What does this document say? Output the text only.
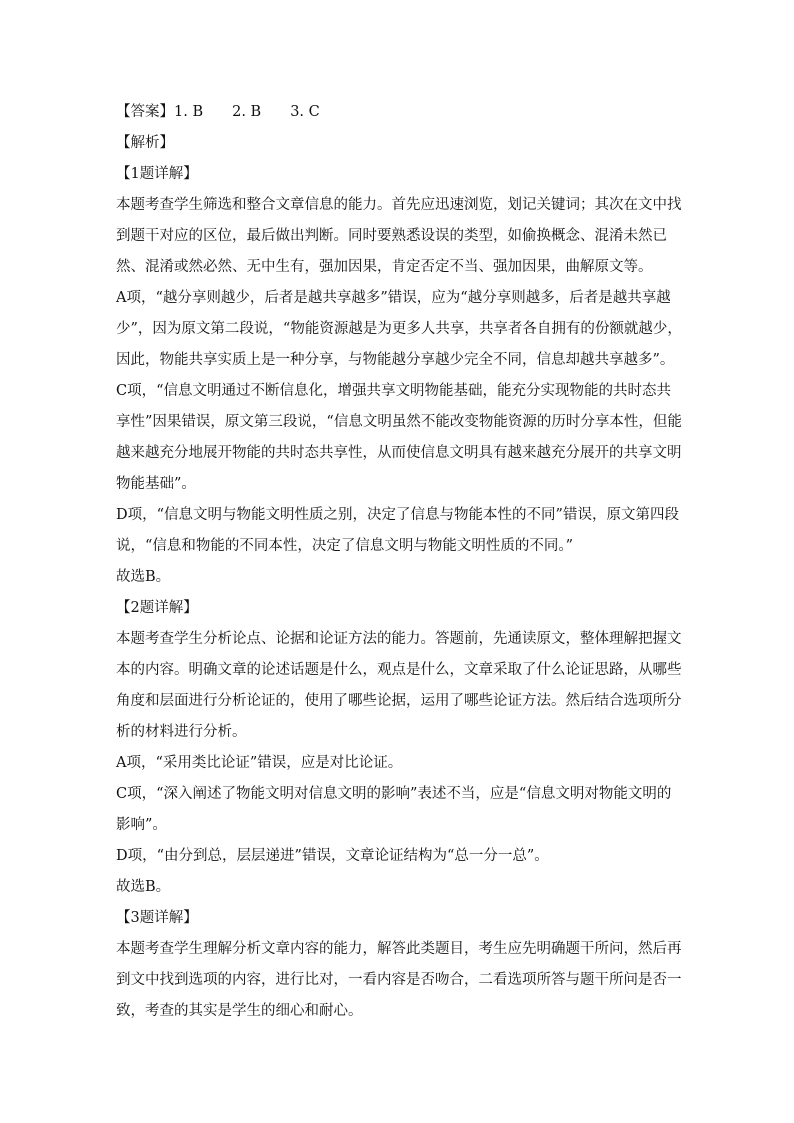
【答案】1. B　　2. B　　3. C

【解析】

【1题详解】

本题考查学生筛选和整合文章信息的能力。首先应迅速浏览，划记关键词；其次在文中找到题干对应的区位，最后做出判断。同时要熟悉设误的类型，如偷换概念、混淆未然已然、混淆或然必然、无中生有，强加因果，肯定否定不当、强加因果，曲解原文等。

A项，“越分享则越少，后者是越共享越多”错误，应为“越分享则越多，后者是越共享越少”，因为原文第二段说，“物能资源越是为更多人共享，共享者各自拥有的份额就越少，因此，物能共享实质上是一种分享，与物能越分享越少完全不同，信息却越共享越多”。

C项，“信息文明通过不断信息化，增强共享文明物能基础，能充分实现物能的共时态共享性”因果错误，原文第三段说，“信息文明虽然不能改变物能资源的历时分享本性，但能越来越充分地展开物能的共时态共享性，从而使信息文明具有越来越充分展开的共享文明物能基础”。

D项，“信息文明与物能文明性质之别，决定了信息与物能本性的不同”错误，原文第四段说，“信息和物能的不同本性，决定了信息文明与物能文明性质的不同。”

故选B。

【2题详解】

本题考查学生分析论点、论据和论证方法的能力。答题前，先通读原文，整体理解把握文本的内容。明确文章的论述话题是什么，观点是什么，文章采取了什么论证思路，从哪些角度和层面进行分析论证的，使用了哪些论据，运用了哪些论证方法。然后结合选项所分析的材料进行分析。

A项，“采用类比论证”错误，应是对比论证。

C项，“深入阐述了物能文明对信息文明的影响”表述不当，应是“信息文明对物能文明的影响”。

D项，“由分到总，层层递进”错误，文章论证结构为“总一分一总”。

故选B。

【3题详解】

本题考查学生理解分析文章内容的能力，解答此类题目，考生应先明确题干所问，然后再到文中找到选项的内容，进行比对，一看内容是否吻合，二看选项所答与题干所问是否一致，考查的其实是学生的细心和耐心。
